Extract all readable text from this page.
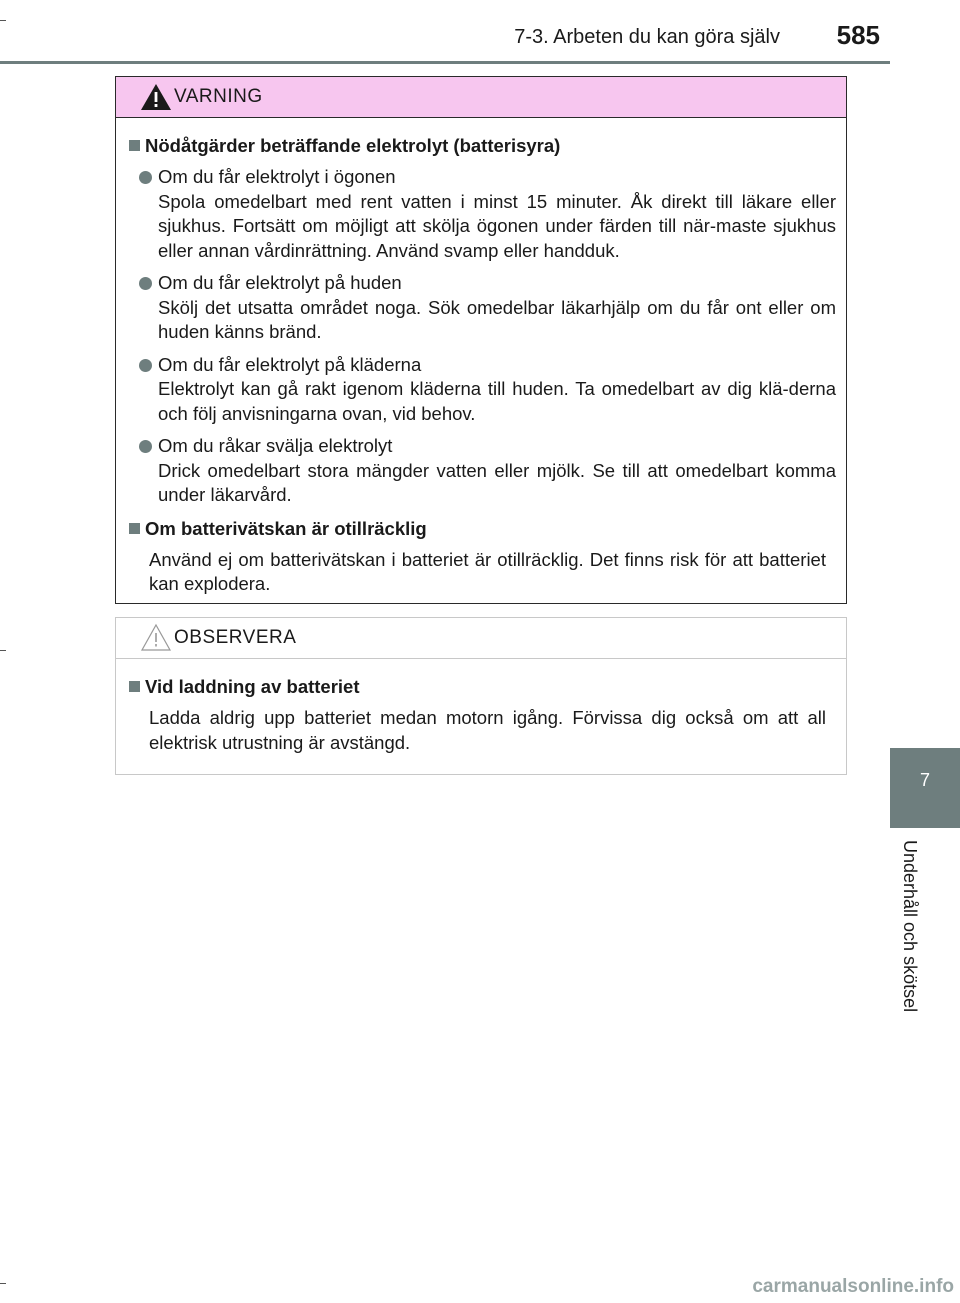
7-3. Arbeten du kan göra själv	585
7
Underhåll och skötsel
VARNING
Nödåtgärder beträffande elektrolyt (batterisyra)
Om du får elektrolyt i ögonen
Spola omedelbart med rent vatten i minst 15 minuter. Åk direkt till läkare eller sjukhus. Fortsätt om möjligt att skölja ögonen under färden till när-maste sjukhus eller annan vårdinrättning. Använd svamp eller handduk.
Om du får elektrolyt på huden
Skölj det utsatta området noga. Sök omedelbar läkarhjälp om du får ont eller om huden känns bränd.
Om du får elektrolyt på kläderna
Elektrolyt kan gå rakt igenom kläderna till huden. Ta omedelbart av dig klä-derna och följ anvisningarna ovan, vid behov.
Om du råkar svälja elektrolyt
Drick omedelbart stora mängder vatten eller mjölk. Se till att omedelbart komma under läkarvård.
Om batterivätskan är otillräcklig
Använd ej om batterivätskan i batteriet är otillräcklig. Det finns risk för att batteriet kan explodera.
OBSERVERA
Vid laddning av batteriet
Ladda aldrig upp batteriet medan motorn igång. Förvissa dig också om att all elektrisk utrustning är avstängd.
carmanualsonline.info
